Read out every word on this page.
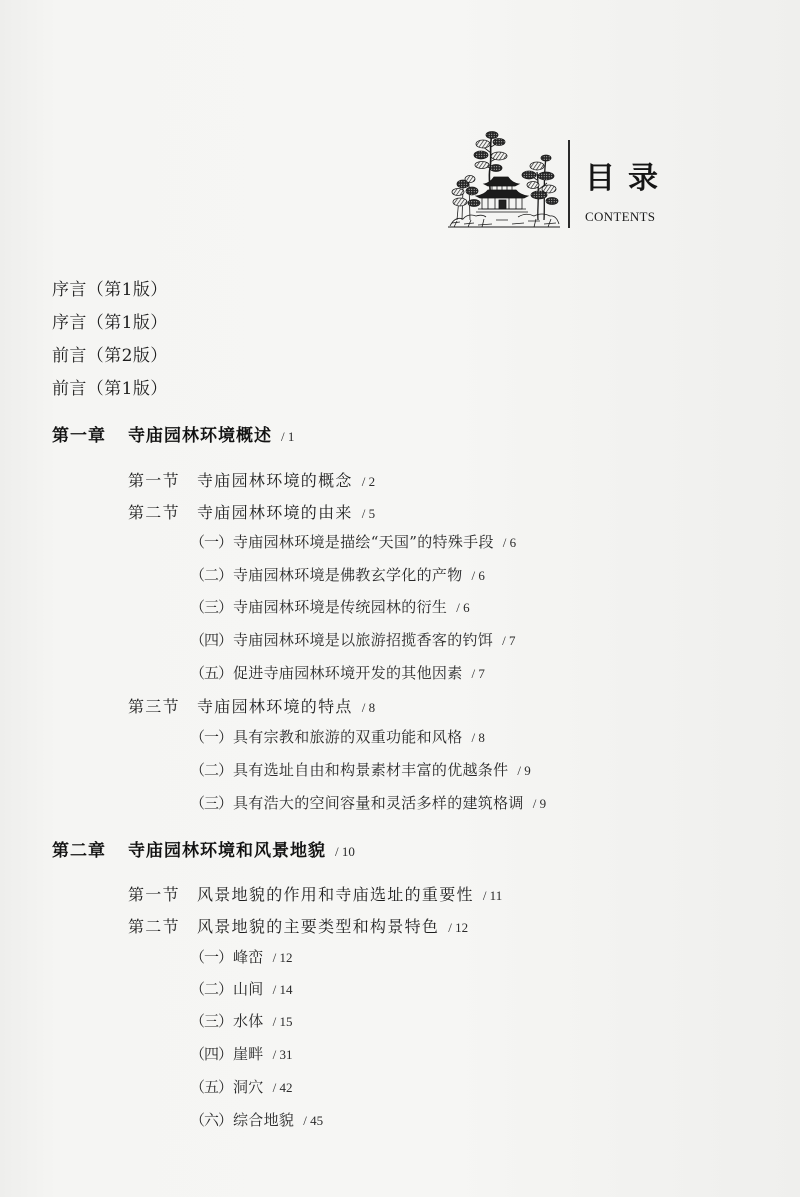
目录
CONTENTS
序言（第1版）
序言（第1版）
前言（第2版）
前言（第1版）
第一章 寺庙园林环境概述 / 1
第一节 寺庙园林环境的概念 / 2
第二节 寺庙园林环境的由来 / 5
（一）寺庙园林环境是描绘“天国”的特殊手段 / 6
（二）寺庙园林环境是佛教玄学化的产物 / 6
（三）寺庙园林环境是传统园林的衍生 / 6
（四）寺庙园林环境是以旅游招揽香客的钓饵 / 7
（五）促进寺庙园林环境开发的其他因素 / 7
第三节 寺庙园林环境的特点 / 8
（一）具有宗教和旅游的双重功能和风格 / 8
（二）具有选址自由和构景素材丰富的优越条件 / 9
（三）具有浩大的空间容量和灵活多样的建筑格调 / 9
第二章 寺庙园林环境和风景地貌 / 10
第一节 风景地貌的作用和寺庙选址的重要性 / 11
第二节 风景地貌的主要类型和构景特色 / 12
（一）峰峦 / 12
（二）山间 / 14
（三）水体 / 15
（四）崖畔 / 31
（五）洞穴 / 42
（六）综合地貌 / 45
